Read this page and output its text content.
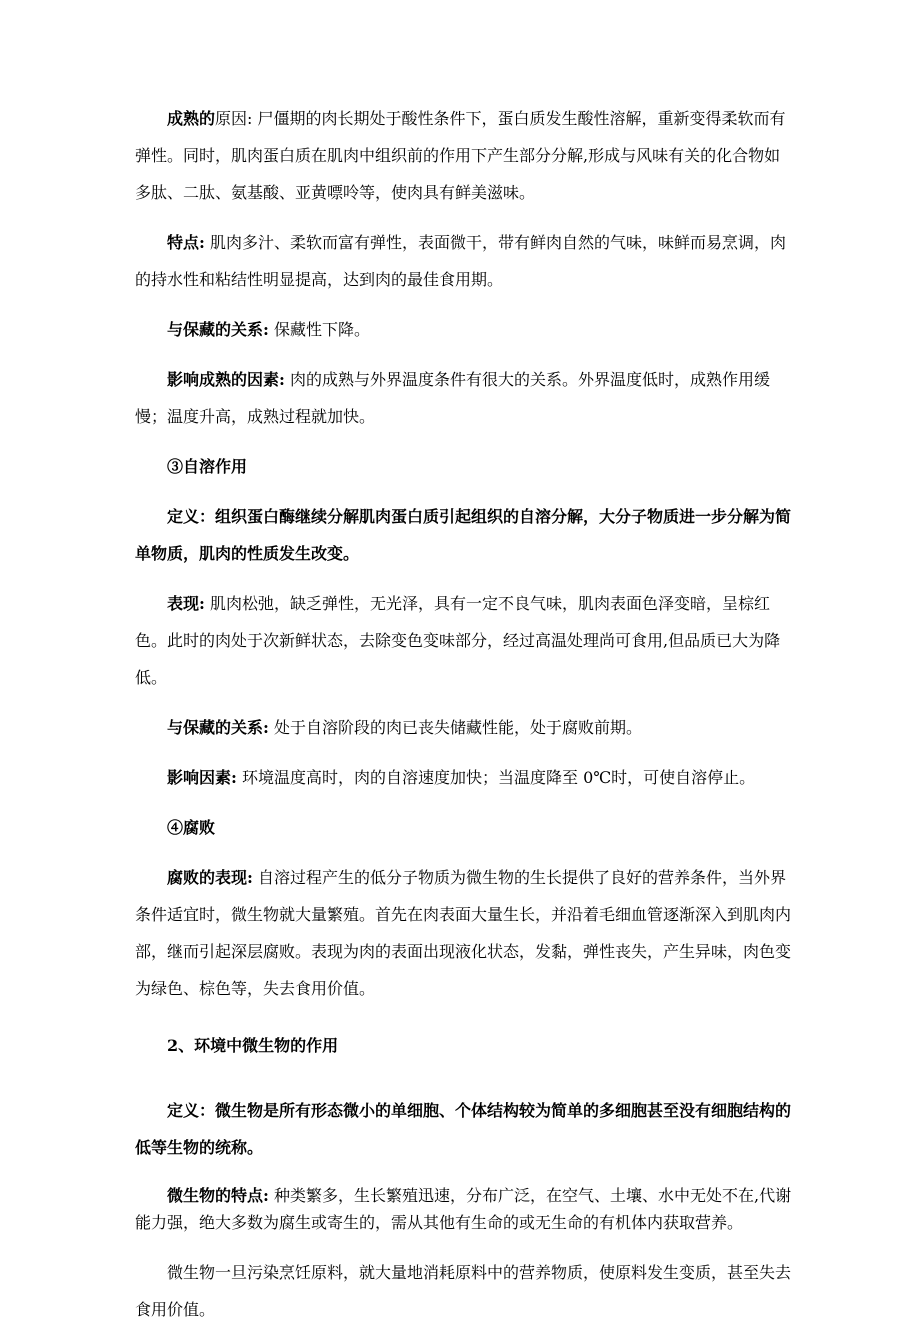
成熟的原因: 尸僵期的肉长期处于酸性条件下，蛋白质发生酸性溶解，重新变得柔软而有弹性。同时，肌肉蛋白质在肌肉中组织前的作用下产生部分分解,形成与风味有关的化合物如多肽、二肽、氨基酸、亚黄嘌呤等，使肉具有鲜美滋味。

特点: 肌肉多汁、柔软而富有弹性，表面微干，带有鲜肉自然的气味，味鲜而易烹调，肉的持水性和粘结性明显提高，达到肉的最佳食用期。

与保藏的关系: 保藏性下降。

影响成熟的因素: 肉的成熟与外界温度条件有很大的关系。外界温度低时，成熟作用缓慢；温度升高，成熟过程就加快。

③自溶作用

定义：组织蛋白酶继续分解肌肉蛋白质引起组织的自溶分解，大分子物质进一步分解为简单物质，肌肉的性质发生改变。

表现: 肌肉松弛，缺乏弹性，无光泽，具有一定不良气味，肌肉表面色泽变暗，呈棕红色。此时的肉处于次新鲜状态，去除变色变味部分，经过高温处理尚可食用,但品质已大为降低。

与保藏的关系: 处于自溶阶段的肉已丧失储藏性能，处于腐败前期。

影响因素: 环境温度高时，肉的自溶速度加快；当温度降至 0℃时，可使自溶停止。

④腐败

腐败的表现: 自溶过程产生的低分子物质为微生物的生长提供了良好的营养条件，当外界条件适宜时，微生物就大量繁殖。首先在肉表面大量生长，并沿着毛细血管逐渐深入到肌肉内部，继而引起深层腐败。表现为肉的表面出现液化状态，发黏，弹性丧失，产生异味，肉色变为绿色、棕色等，失去食用价值。

2、环境中微生物的作用

定义：微生物是所有形态微小的单细胞、个体结构较为简单的多细胞甚至没有细胞结构的低等生物的统称。

微生物的特点: 种类繁多，生长繁殖迅速，分布广泛，在空气、土壤、水中无处不在,代谢能力强，绝大多数为腐生或寄生的，需从其他有生命的或无生命的有机体内获取营养。

微生物一旦污染烹饪原料，就大量地消耗原料中的营养物质，使原料发生变质，甚至失去食用价值。
